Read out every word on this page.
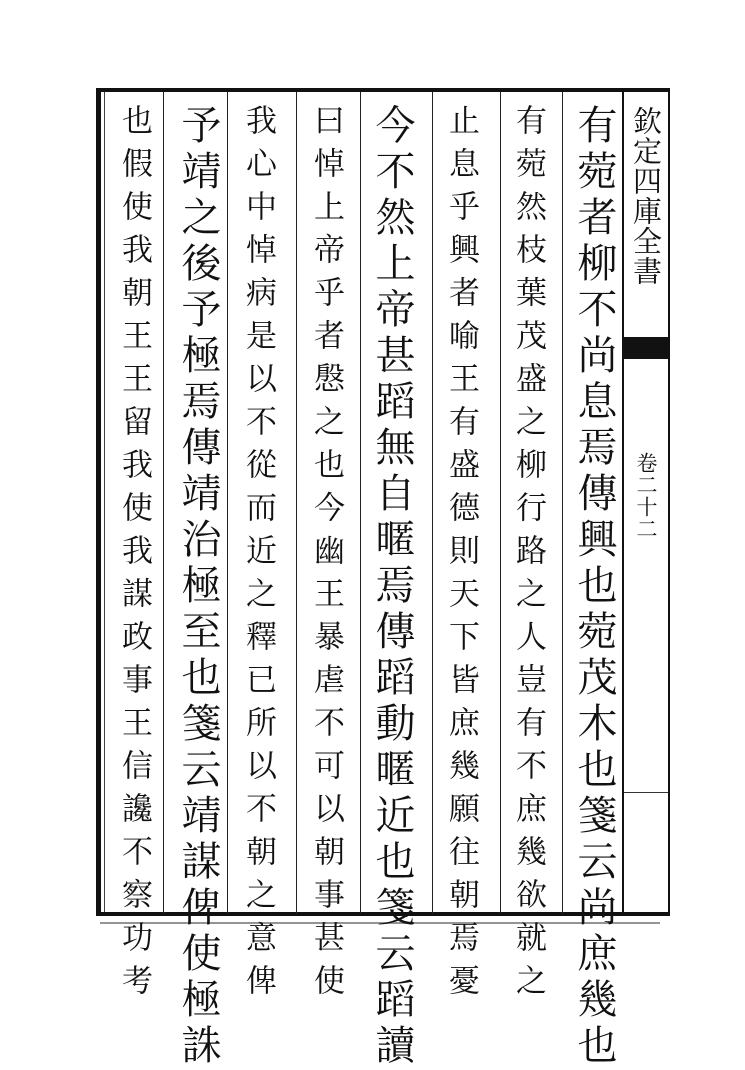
欽定四庫全書
卷二十二
有菀者柳不尚息焉傳興也菀茂木也箋云尚庶幾也
有菀然枝葉茂盛之柳行路之人豈有不庶幾欲就之
止息乎興者喻王有盛德則天下皆庶幾願往朝焉憂
今不然上帝甚蹈無自暱焉傳蹈動暱近也箋云蹈讀
曰悼上帝乎者慇之也今幽王暴虐不可以朝事甚使
我心中悼病是以不從而近之釋已所以不朝之意俾
予靖之後予極焉傳靖治極至也箋云靖謀俾使極誅
也假使我朝王王留我使我謀政事王信讒不察功考
